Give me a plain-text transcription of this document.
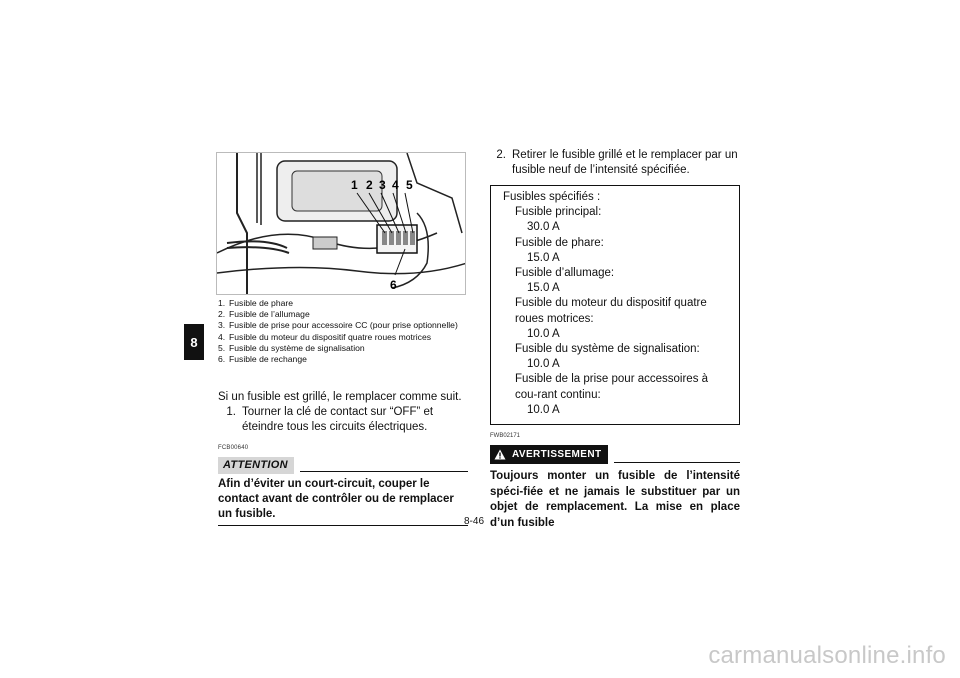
8
1 2 3 4 5
6
1. Fusible de phare
2. Fusible de l’allumage
3. Fusible de prise pour accessoire CC (pour prise optionnelle)
4. Fusible du moteur du dispositif quatre roues motrices
5. Fusible du système de signalisation
6. Fusible de rechange

Si un fusible est grillé, le remplacer comme suit.

1. Tourner la clé de contact sur “OFF” et éteindre tous les circuits électriques.
FCB00640
ATTENTION
Afin d’éviter un court-circuit, couper le contact avant de contrôler ou de remplacer un fusible.
2. Retirer le fusible grillé et le remplacer par un fusible neuf de l’intensité spécifiée.
Fusibles spécifiés :
Fusible principal:
30.0 A
Fusible de phare:
15.0 A
Fusible d’allumage:
15.0 A
Fusible du moteur du dispositif quatre roues motrices:
10.0 A
Fusible du système de signalisation:
10.0 A
Fusible de la prise pour accessoires à cou-rant continu:
10.0 A
FWB02171
AVERTISSEMENT
Toujours monter un fusible de l’intensité spéci-fiée et ne jamais le substituer par un objet de remplacement. La mise en place d’un fusible
8-46
carmanualsonline.info
